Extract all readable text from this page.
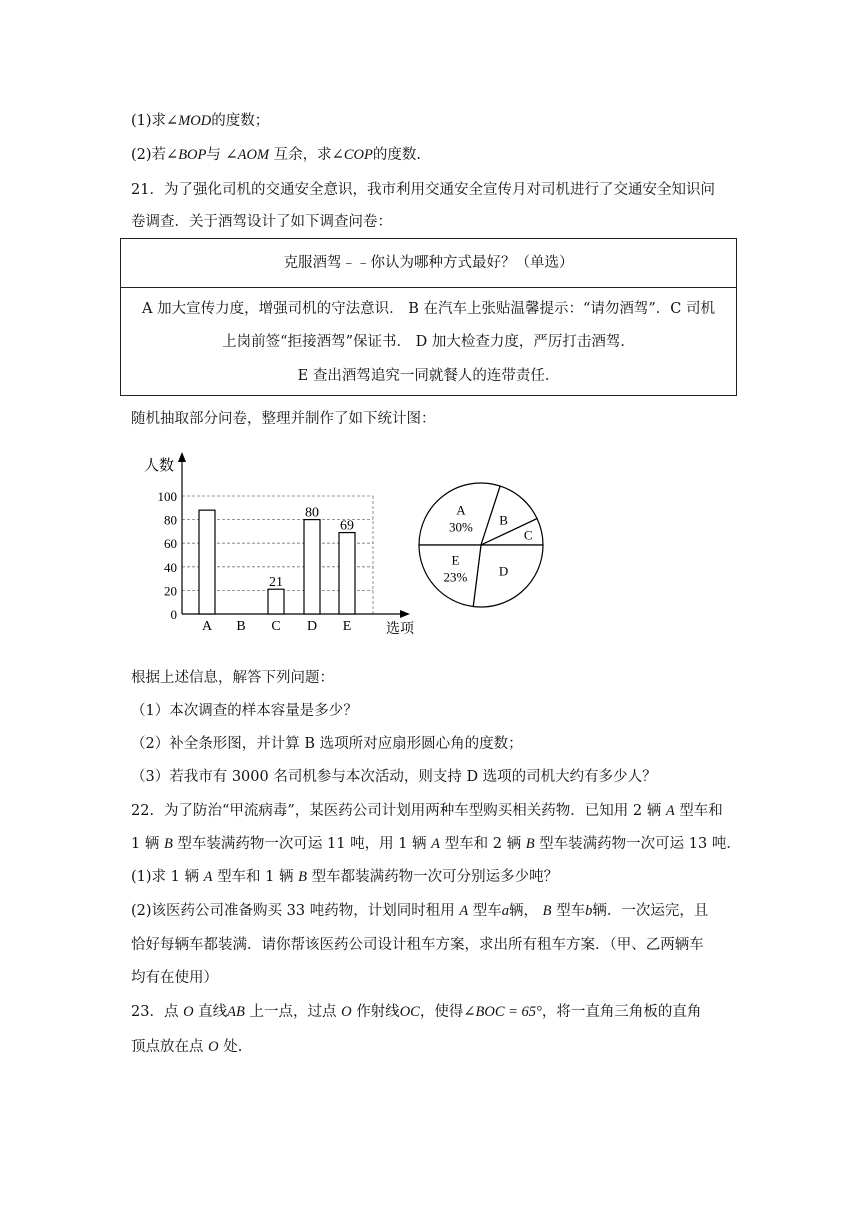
(1)求∠MOD的度数；
(2)若∠BOP与 ∠AOM 互余，求∠COP的度数.
21．为了强化司机的交通安全意识，我市利用交通安全宣传月对司机进行了交通安全知识问
卷调查．关于酒驾设计了如下调查问卷：
克服酒驾﹣﹣你认为哪种方式最好？（单选）
A 加大宣传力度，增强司机的守法意识． B 在汽车上张贴温馨提示：“请勿酒驾”．C 司机
上岗前签“拒接酒驾”保证书． D 加大检查力度，严厉打击酒驾．
E 查出酒驾追究一同就餐人的连带责任．
随机抽取部分问卷，整理并制作了如下统计图：
0
20
40
60
80
100
A B C
21
D
80
E
69
人数
选项
A
30% B
C
D
E
23%
根据上述信息，解答下列问题：
（1）本次调查的样本容量是多少？
（2）补全条形图，并计算 B 选项所对应扇形圆心角的度数；
（3）若我市有 3000 名司机参与本次活动，则支持 D 选项的司机大约有多少人？
22．为了防治“甲流病毒”，某医药公司计划用两种车型购买相关药物．已知用 2 辆 A 型车和
1 辆 B 型车装满药物一次可运 11 吨，用 1 辆 A 型车和 2 辆 B 型车装满药物一次可运 13 吨．
(1)求 1 辆 A 型车和 1 辆 B 型车都装满药物一次可分别运多少吨？
(2)该医药公司准备购买 33 吨药物，计划同时租用 A 型车a辆， B 型车b辆．一次运完，且
恰好每辆车都装满．请你帮该医药公司设计租车方案，求出所有租车方案．（甲、乙两辆车
均有在使用）
23．点 O 直线AB 上一点，过点 O 作射线OC，使得∠BOC = 65°，将一直角三角板的直角
顶点放在点 O 处.
